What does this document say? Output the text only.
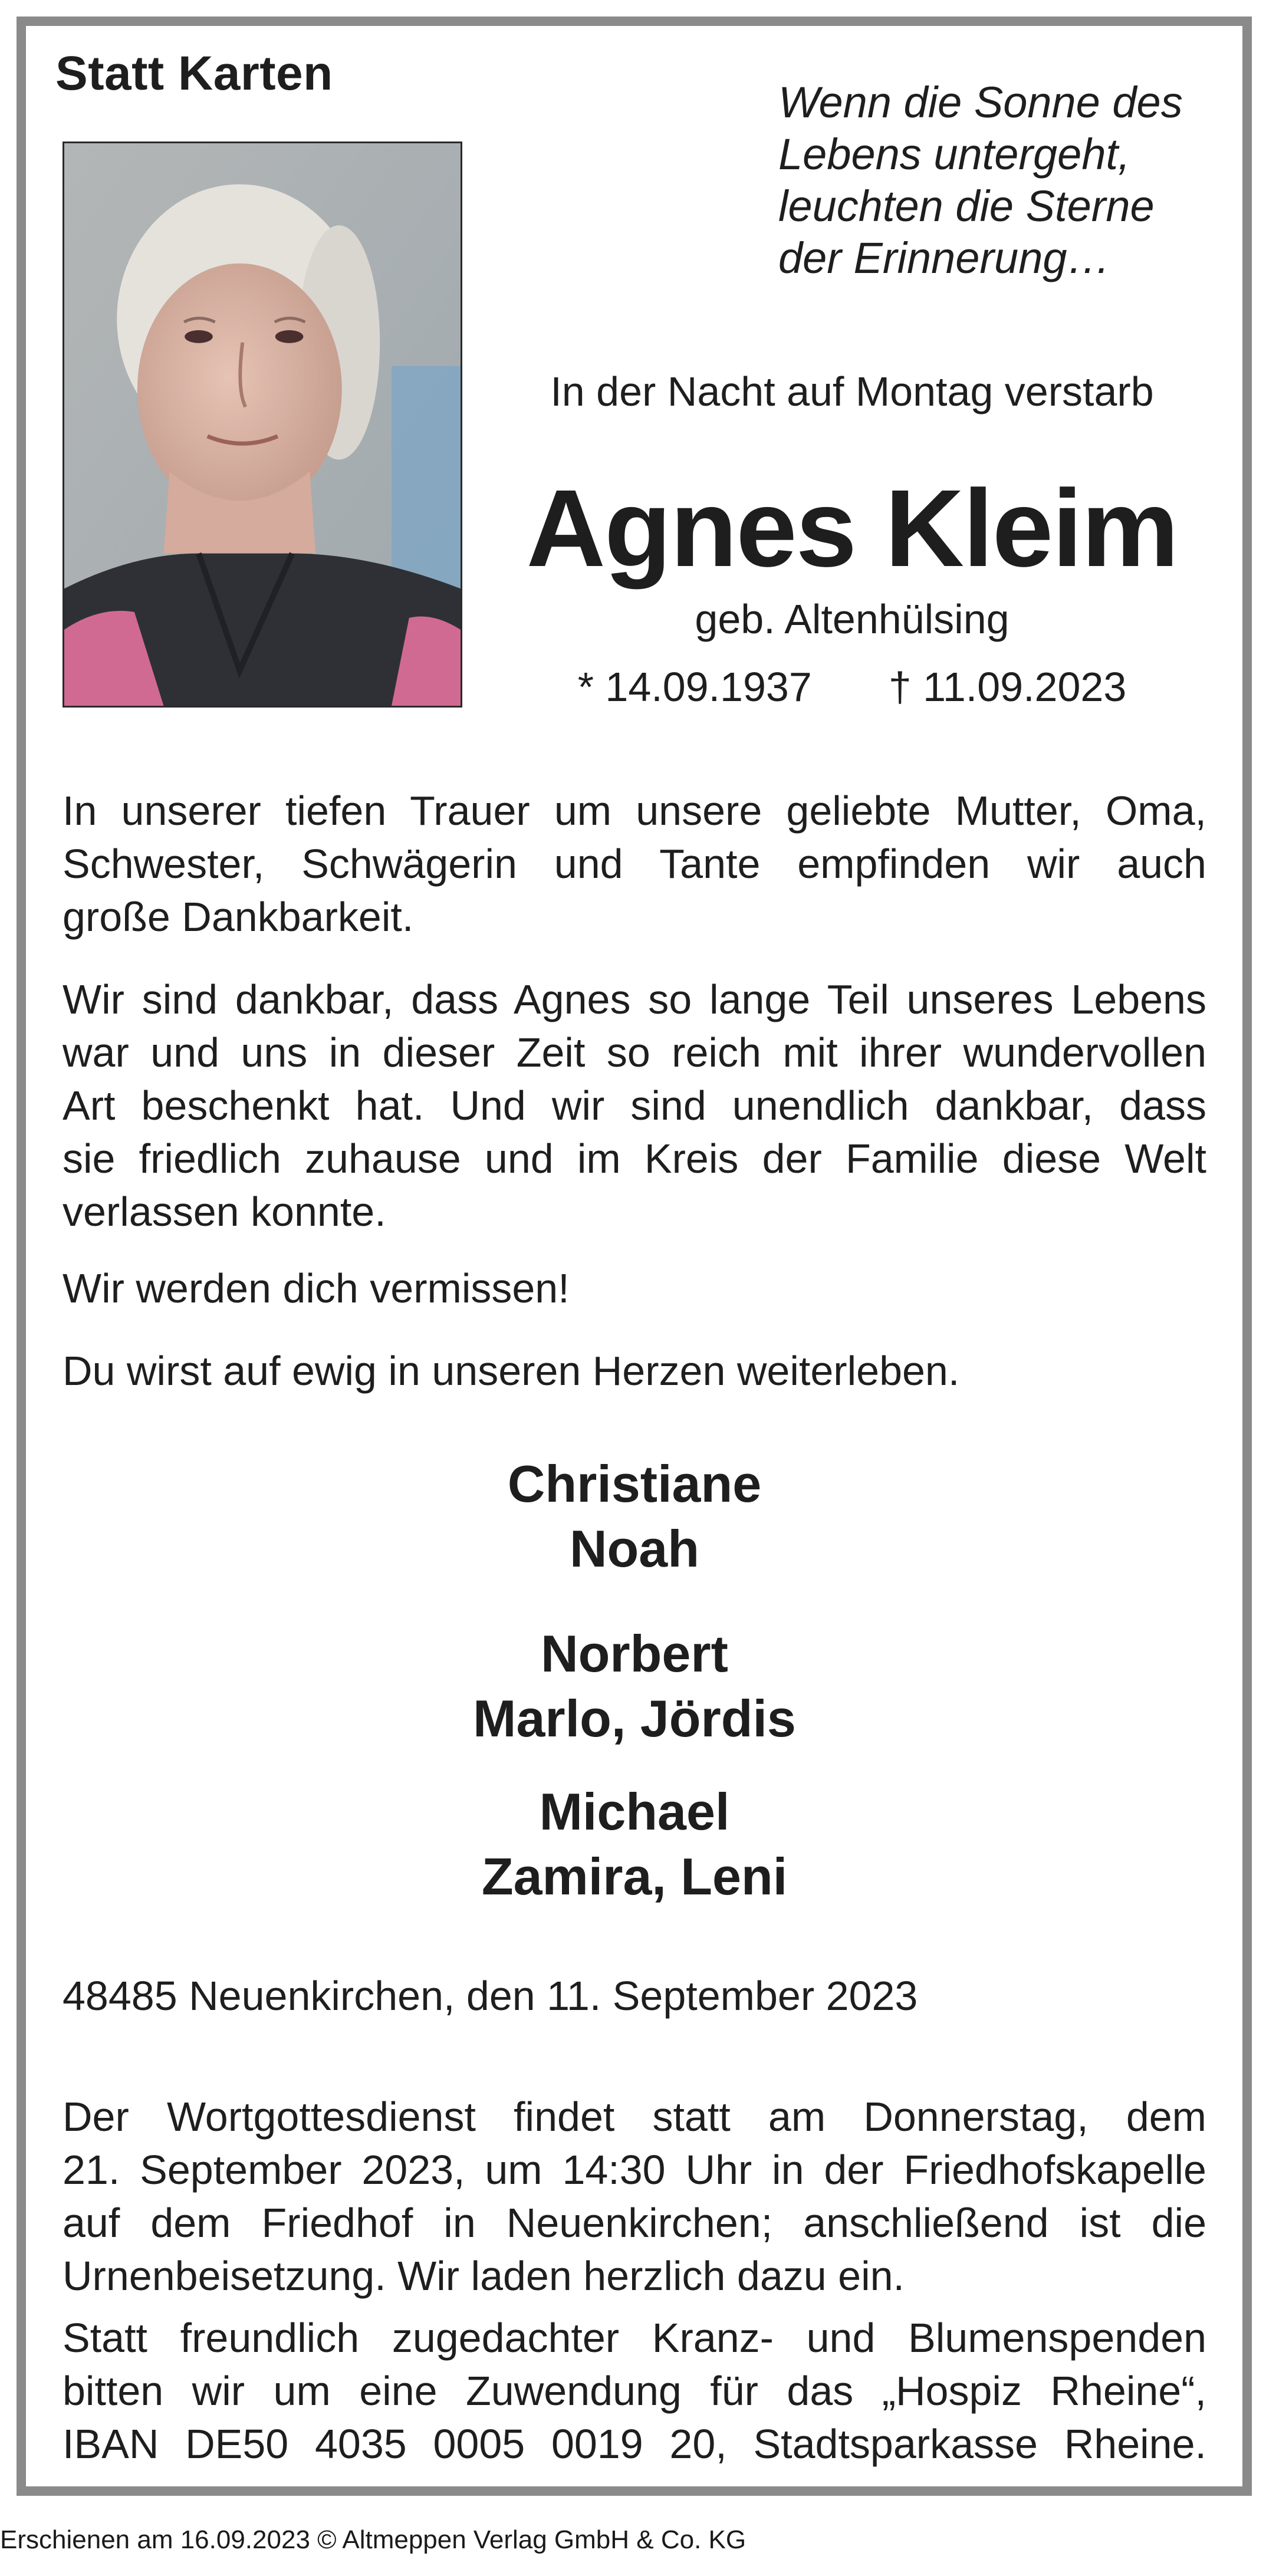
Statt Karten
Wenn die Sonne des
Lebens untergeht,
leuchten die Sterne
der Erinnerung…
In der Nacht auf Montag verstarb
Agnes Kleim
geb. Altenhülsing
* 14.09.1937 † 11.09.2023
In unserer tiefen Trauer um unsere geliebte Mutter, Oma,
Schwester, Schwägerin und Tante empfinden wir auch
große Dankbarkeit.
Wir sind dankbar, dass Agnes so lange Teil unseres Lebens
war und uns in dieser Zeit so reich mit ihrer wundervollen
Art beschenkt hat. Und wir sind unendlich dankbar, dass
sie friedlich zuhause und im Kreis der Familie diese Welt
verlassen konnte.
Wir werden dich vermissen!
Du wirst auf ewig in unseren Herzen weiterleben.
Christiane
Noah
Norbert
Marlo, Jördis
Michael
Zamira, Leni
48485 Neuenkirchen, den 11. September 2023
Der Wortgottesdienst findet statt am Donnerstag, dem
21. September 2023, um 14:30 Uhr in der Friedhofskapelle
auf dem Friedhof in Neuenkirchen; anschließend ist die
Urnenbeisetzung. Wir laden herzlich dazu ein.
Statt freundlich zugedachter Kranz- und Blumenspenden
bitten wir um eine Zuwendung für das „Hospiz Rheine“,
IBAN DE50 4035 0005 0019 20, Stadtsparkasse Rheine.
Erschienen am 16.09.2023 © Altmeppen Verlag GmbH & Co. KG
